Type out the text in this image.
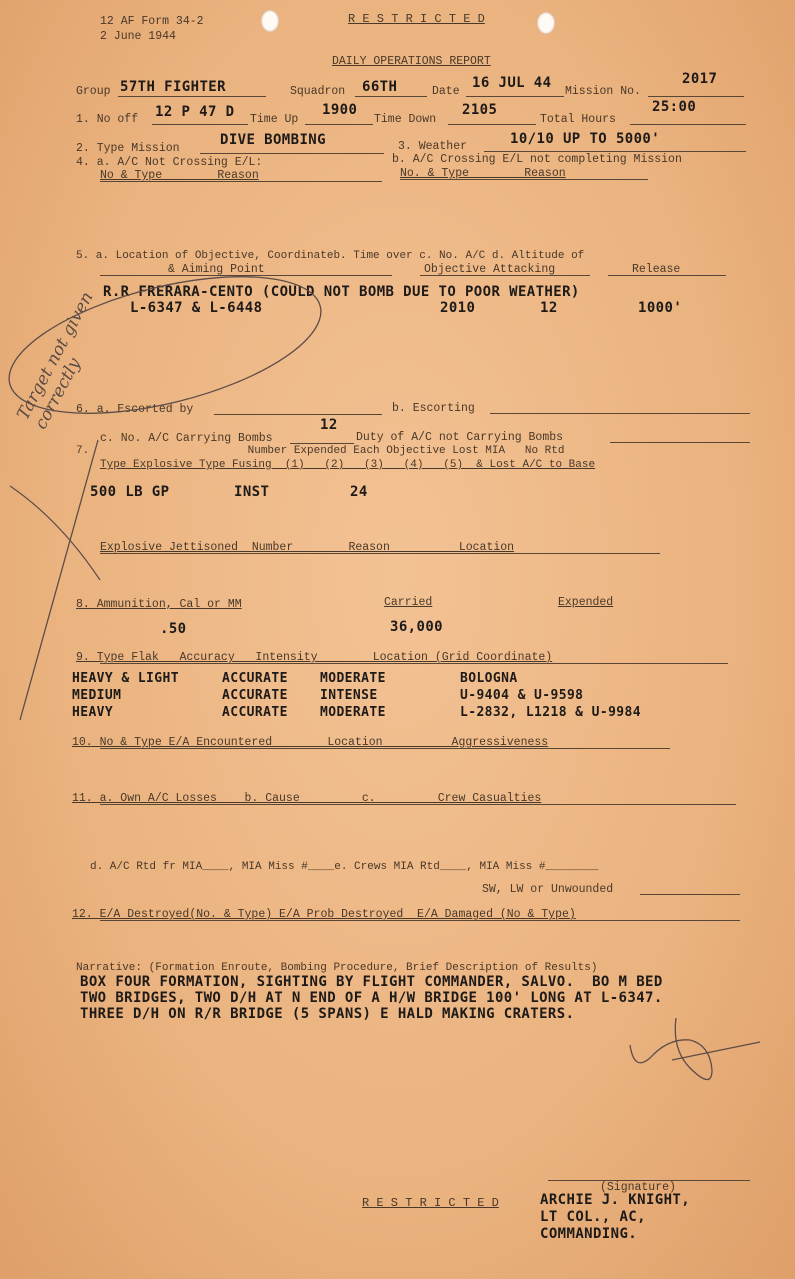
12 AF Form 34-2
2 June 1944
R E S T R I C T E D
DAILY OPERATIONS REPORT
Group 57TH FIGHTER	Squadron 66TH	Date
16 JUL 44
Mission No.
2017
1. No off 12 P 47 D Time Up
1900
Time Down
2105
Total Hours
25:00
2. Type Mission
DIVE BOMBING	3. Weather	10/10 UP TO 5000'
4. a. A/C Not Crossing E/L:
No & Type        Reason
b. A/C Crossing E/L not completing Mission
No. & Type        Reason
5. a. Location of Objective, Coordinateb. Time over c. No. A/C d. Altitude of
& Aiming Point	Objective Attacking	Release
R.R FRERARA-CENTO (COULD NOT BOMB DUE TO POOR WEATHER)
L-6347 & L-6448	2010	12	1000'
6. a. Escorted by	b. Escorting
12
c. No. A/C Carrying Bombs	Duty of A/C not Carrying Bombs
7.                        Number Expended Each Objective Lost MIA   No Rtd
Type Explosive Type Fusing  (1)   (2)   (3)   (4)   (5)  & Lost A/C to Base
500 LB GP	INST	24
Explosive Jettisoned  Number        Reason          Location
8. Ammunition, Cal or MM	Carried	Expended
.50	36,000
9. Type Flak   Accuracy   Intensity        Location (Grid Coordinate)
HEAVY & LIGHT	ACCURATE MODERATE	BOLOGNA
MEDIUM	ACCURATE INTENSE	U-9404 & U-9598
HEAVY	ACCURATE MODERATE	L-2832, L1218 & U-9984
10. No & Type E/A Encountered        Location          Aggressiveness
11. a. Own A/C Losses    b. Cause         c.         Crew Casualties
d. A/C Rtd fr MIA____, MIA Miss #____e. Crews MIA Rtd____, MIA Miss #________
SW, LW or Unwounded
12. E/A Destroyed(No. & Type) E/A Prob Destroyed  E/A Damaged (No & Type)
Narrative: (Formation Enroute, Bombing Procedure, Brief Description of Results)
BOX FOUR FORMATION, SIGHTING BY FLIGHT COMMANDER, SALVO.  BO M BED
TWO BRIDGES, TWO D/H AT N END OF A H/W BRIDGE 100' LONG AT L-6347.
THREE D/H ON R/R BRIDGE (5 SPANS) E HALD MAKING CRATERS.
(Signature)
R E S T R I C T E D	ARCHIE J. KNIGHT,
LT COL., AC,
COMMANDING.
Target not given correctly
